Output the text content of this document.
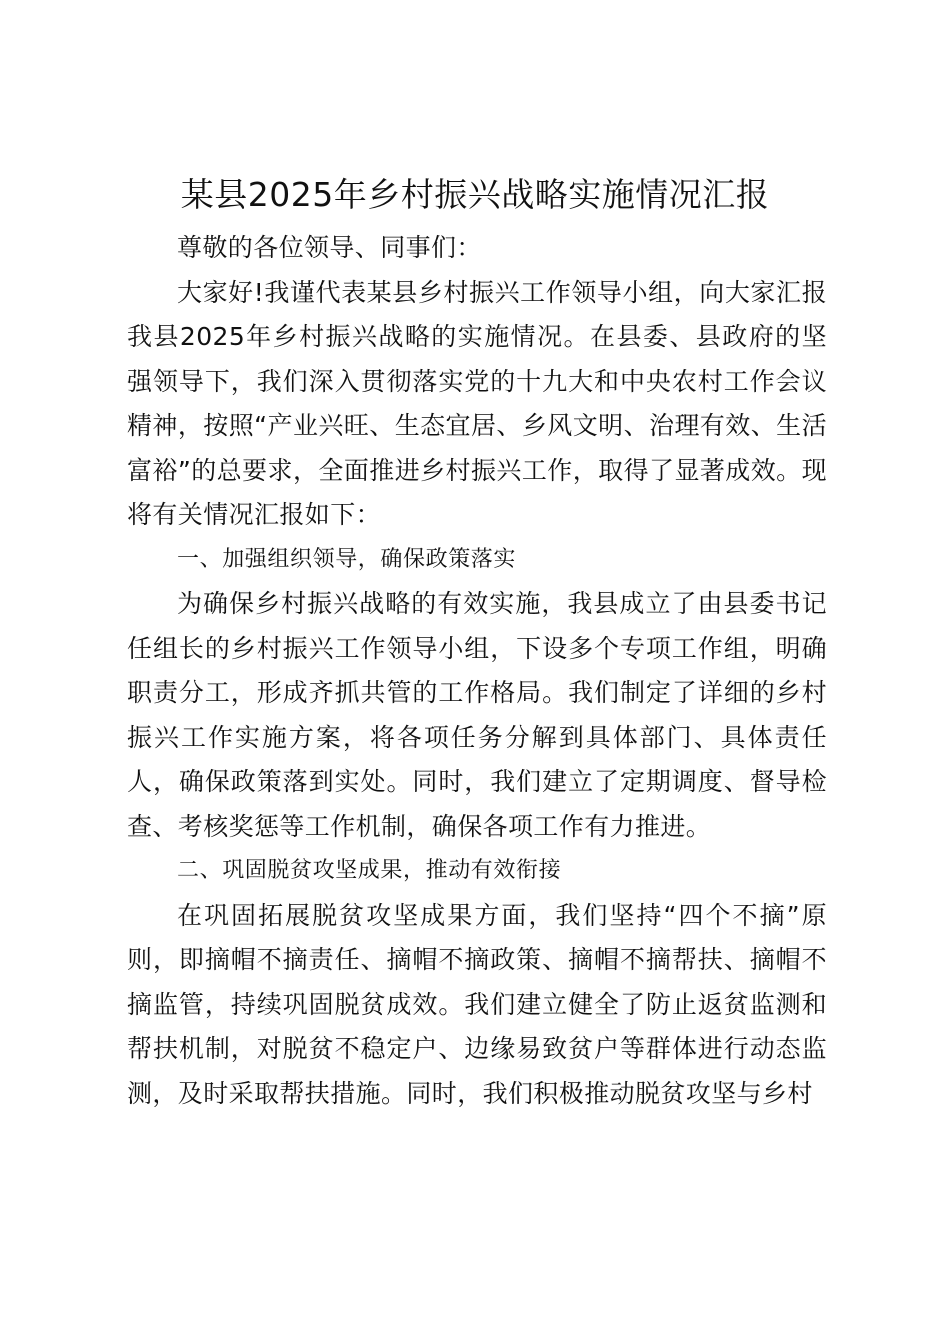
某县2025年乡村振兴战略实施情况汇报

尊敬的各位领导、同事们：

大家好!我谨代表某县乡村振兴工作领导小组，向大家汇报我县2025年乡村振兴战略的实施情况。在县委、县政府的坚强领导下，我们深入贯彻落实党的十九大和中央农村工作会议精神，按照“产业兴旺、生态宜居、乡风文明、治理有效、生活富裕”的总要求，全面推进乡村振兴工作，取得了显著成效。现将有关情况汇报如下：

一、加强组织领导，确保政策落实

为确保乡村振兴战略的有效实施，我县成立了由县委书记任组长的乡村振兴工作领导小组，下设多个专项工作组，明确职责分工，形成齐抓共管的工作格局。我们制定了详细的乡村振兴工作实施方案，将各项任务分解到具体部门、具体责任人，确保政策落到实处。同时，我们建立了定期调度、督导检查、考核奖惩等工作机制，确保各项工作有力推进。

二、巩固脱贫攻坚成果，推动有效衔接

在巩固拓展脱贫攻坚成果方面，我们坚持“四个不摘”原则，即摘帽不摘责任、摘帽不摘政策、摘帽不摘帮扶、摘帽不摘监管，持续巩固脱贫成效。我们建立健全了防止返贫监测和帮扶机制，对脱贫不稳定户、边缘易致贫户等群体进行动态监测，及时采取帮扶措施。同时，我们积极推动脱贫攻坚与乡村
